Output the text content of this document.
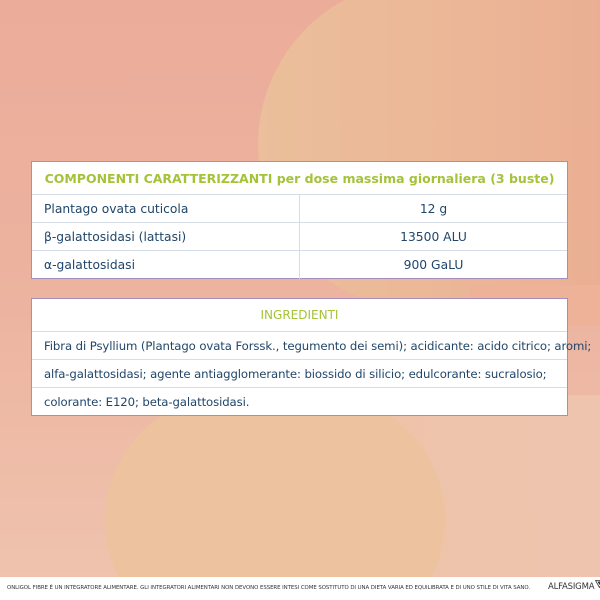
COMPONENTI CARATTERIZZANTI per dose massima giornaliera (3 buste)
Plantago ovata cuticola	12 g
β-galattosidasi (lattasi)	13500 ALU
α-galattosidasi	900 GaLU
INGREDIENTI
Fibra di Psyllium (Plantago ovata Forssk., tegumento dei semi); acidicante: acido citrico; aromi;
alfa-galattosidasi; agente antiagglomerante: biossido di silicio; edulcorante: sucralosio;
colorante: E120; beta-galattosidasi.
ONLIGOL FIBRE È UN INTEGRATORE ALIMENTARE. GLI INTEGRATORI ALIMENTARI NON DEVONO ESSERE INTESI COME SOSTITUTO DI UNA DIETA VARIA ED EQUILIBRATA E DI UNO STILE DI VITA SANO. ALFASIGMA
